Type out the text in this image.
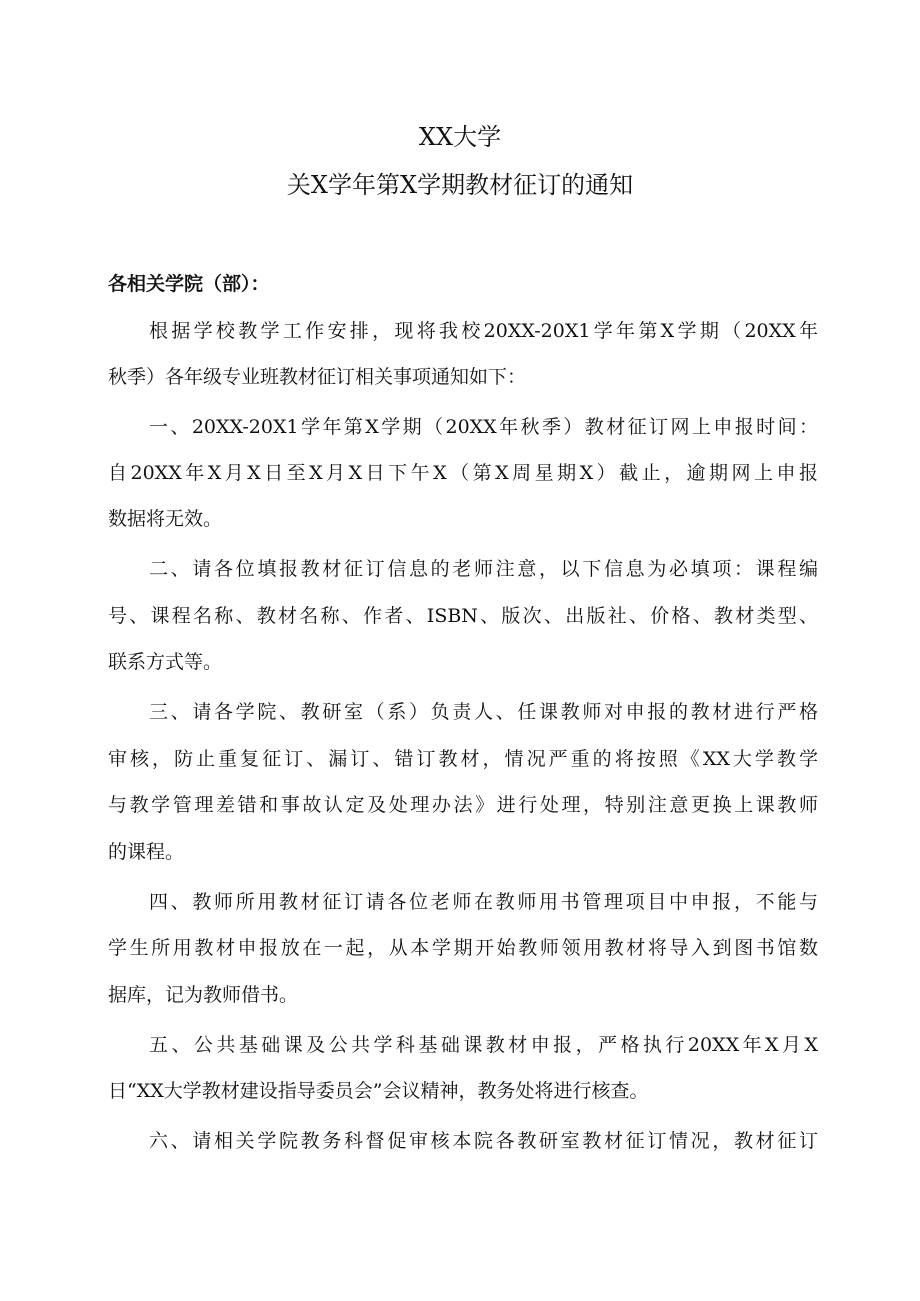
XX大学
关X学年第X学期教材征订的通知
各相关学院（部）：
根据学校教学工作安排，现将我校20XX-20X1学年第X学期（20XX年
秋季）各年级专业班教材征订相关事项通知如下：
一、20XX-20X1学年第X学期（20XX年秋季）教材征订网上申报时间：
自20XX年X月X日至X月X日下午X（第X周星期X）截止，逾期网上申报
数据将无效。
二、请各位填报教材征订信息的老师注意，以下信息为必填项：课程编
号、课程名称、教材名称、作者、ISBN、版次、出版社、价格、教材类型、
联系方式等。
三、请各学院、教研室（系）负责人、任课教师对申报的教材进行严格
审核，防止重复征订、漏订、错订教材，情况严重的将按照《XX大学教学
与教学管理差错和事故认定及处理办法》进行处理，特别注意更换上课教师
的课程。
四、教师所用教材征订请各位老师在教师用书管理项目中申报，不能与
学生所用教材申报放在一起，从本学期开始教师领用教材将导入到图书馆数
据库，记为教师借书。
五、公共基础课及公共学科基础课教材申报，严格执行20XX年X月X
日“XX大学教材建设指导委员会”会议精神，教务处将进行核查。
六、请相关学院教务科督促审核本院各教研室教材征订情况，教材征订
